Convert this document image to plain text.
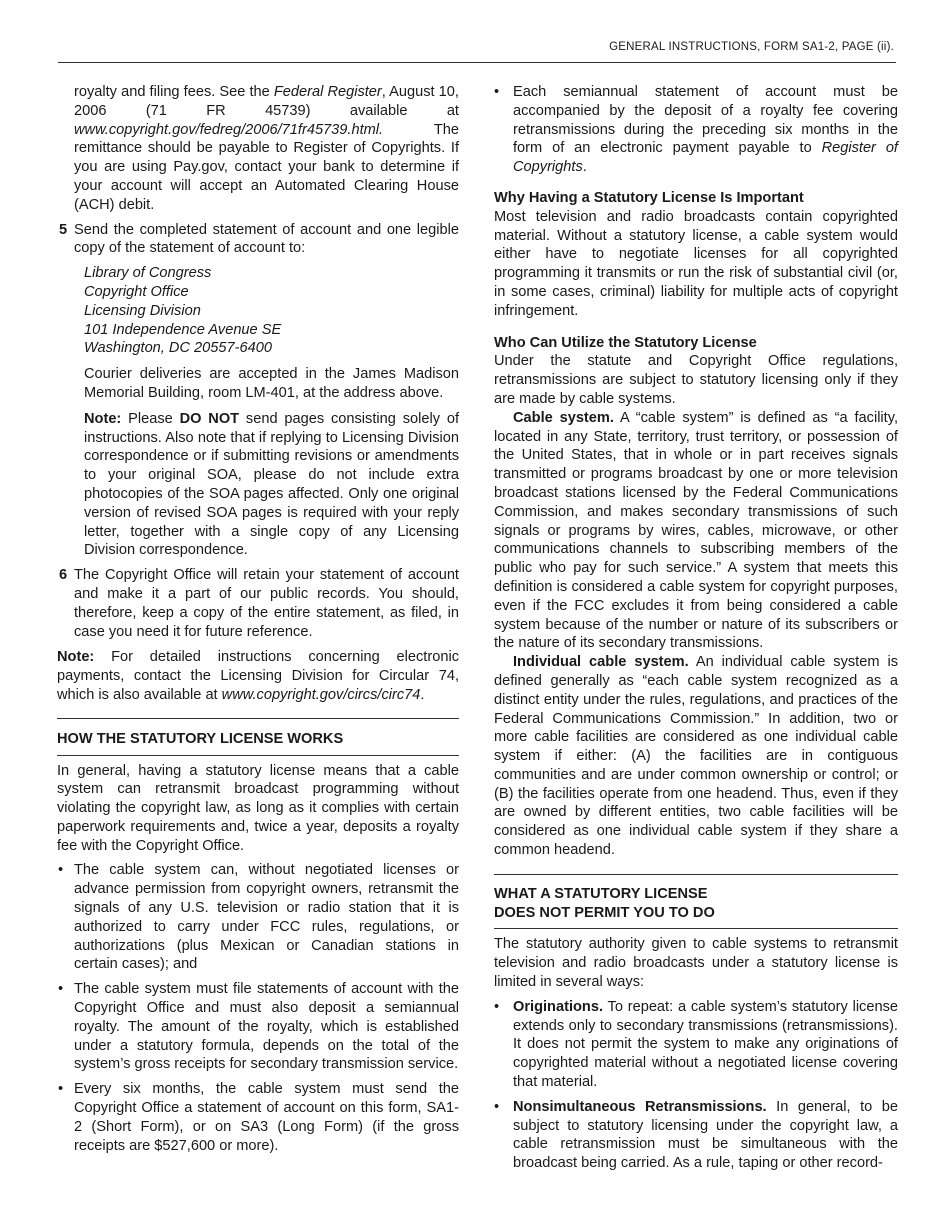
GENERAL INSTRUCTIONS, FORM SA1-2, PAGE (ii).

royalty and filing fees. See the Federal Register, August 10, 2006 (71 FR 45739) available at www.copyright.gov/fedreg/2006/71fr45739.html. The remittance should be payable to Register of Copyrights. If you are using Pay.gov, contact your bank to determine if your account will accept an Automated Clearing House (ACH) debit.

5 Send the completed statement of account and one legible copy of the statement of account to:

Library of Congress
Copyright Office
Licensing Division
101 Independence Avenue SE
Washington, DC 20557-6400

Courier deliveries are accepted in the James Madison Memorial Building, room LM-401, at the address above.

Note: Please DO NOT send pages consisting solely of instructions. Also note that if replying to Licensing Division correspondence or if submitting revisions or amendments to your original SOA, please do not include extra photocopies of the SOA pages affected. Only one original version of revised SOA pages is required with your reply letter, together with a single copy of any Licensing Division correspondence.

6 The Copyright Office will retain your statement of account and make it a part of our public records. You should, therefore, keep a copy of the entire statement, as filed, in case you need it for future reference.

Note: For detailed instructions concerning electronic payments, contact the Licensing Division for Circular 74, which is also available at www.copyright.gov/circs/circ74.

HOW THE STATUTORY LICENSE WORKS

In general, having a statutory license means that a cable system can retransmit broadcast programming without violating the copyright law, as long as it complies with certain paperwork requirements and, twice a year, deposits a royalty fee with the Copyright Office.

• The cable system can, without negotiated licenses or advance permission from copyright owners, retransmit the signals of any U.S. television or radio station that it is authorized to carry under FCC rules, regulations, or authorizations (plus Mexican or Canadian stations in certain cases); and

• The cable system must file statements of account with the Copyright Office and must also deposit a semiannual royalty. The amount of the royalty, which is established under a statutory formula, depends on the total of the system’s gross receipts for secondary transmission service.

• Every six months, the cable system must send the Copyright Office a statement of account on this form, SA1-2 (Short Form), or on SA3 (Long Form) (if the gross receipts are $527,600 or more).

• Each semiannual statement of account must be accompanied by the deposit of a royalty fee covering retransmissions during the preceding six months in the form of an electronic payment payable to Register of Copyrights.

Why Having a Statutory License Is Important

Most television and radio broadcasts contain copyrighted material. Without a statutory license, a cable system would either have to negotiate licenses for all copyrighted programming it transmits or run the risk of substantial civil (or, in some cases, criminal) liability for multiple acts of copyright infringement.

Who Can Utilize the Statutory License

Under the statute and Copyright Office regulations, retransmissions are subject to statutory licensing only if they are made by cable systems.

Cable system. A “cable system” is defined as “a facility, located in any State, territory, trust territory, or possession of the United States, that in whole or in part receives signals transmitted or programs broadcast by one or more television broadcast stations licensed by the Federal Communications Commission, and makes secondary transmissions of such signals or programs by wires, cables, microwave, or other communications channels to subscribing members of the public who pay for such service.” A system that meets this definition is considered a cable system for copyright purposes, even if the FCC excludes it from being considered a cable system because of the number or nature of its subscribers or the nature of its secondary transmissions.

Individual cable system. An individual cable system is defined generally as “each cable system recognized as a distinct entity under the rules, regulations, and practices of the Federal Communications Commission.” In addition, two or more cable facilities are considered as one individual cable system if either: (A) the facilities are in contiguous communities and are under common ownership or control; or (B) the facilities operate from one headend. Thus, even if they are owned by different entities, two cable facilities will be considered as one individual cable system if they share a common headend.

WHAT A STATUTORY LICENSE
DOES NOT PERMIT YOU TO DO

The statutory authority given to cable systems to retransmit television and radio broadcasts under a statutory license is limited in several ways:

• Originations. To repeat: a cable system’s statutory license extends only to secondary transmissions (retransmissions). It does not permit the system to make any originations of copyrighted material without a negotiated license covering that material.

• Nonsimultaneous Retransmissions. In general, to be subject to statutory licensing under the copyright law, a cable retransmission must be simultaneous with the broadcast being carried. As a rule, taping or other record-
